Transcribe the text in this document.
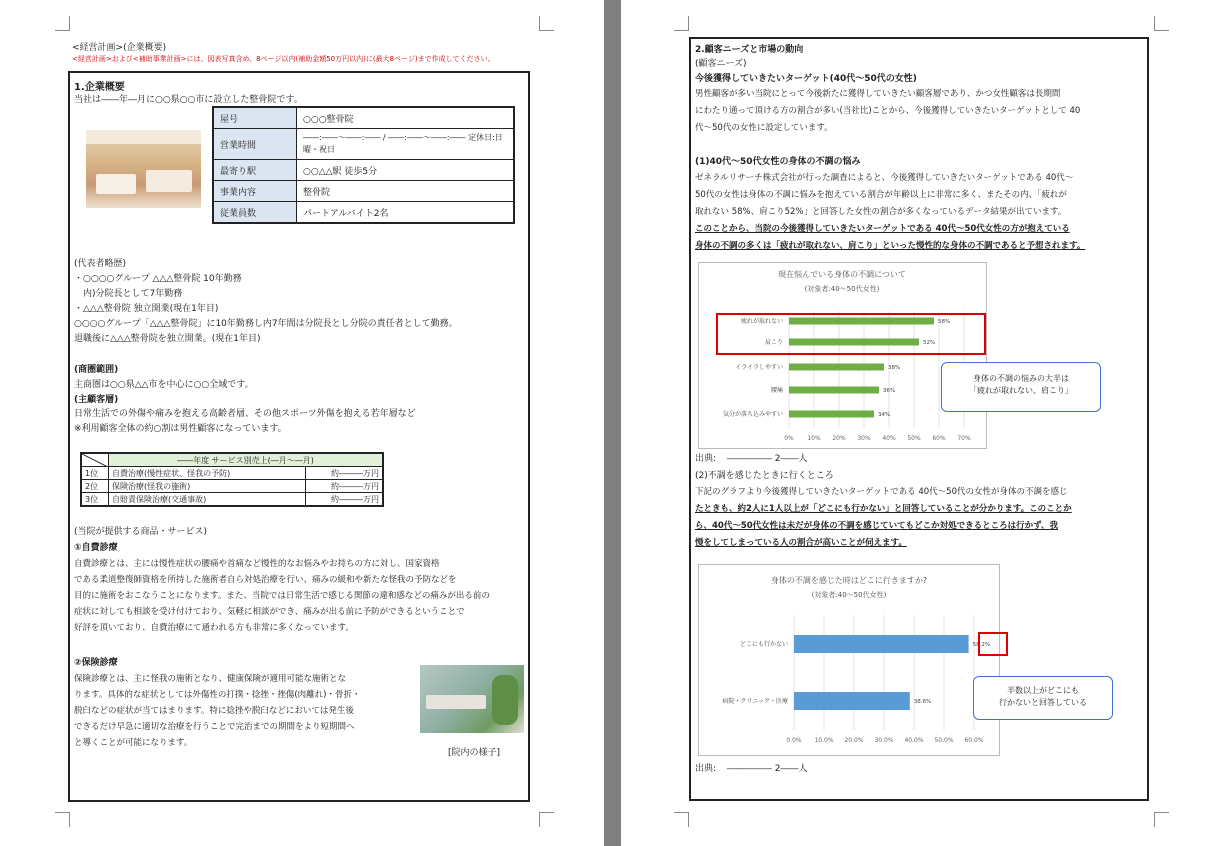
<経営計画>(企業概要)
<経営計画>および<補助事業計画>には、図表写真含め、8ページ以内(補助金額50万円以内)に(最大8ページ)まで作成してください。
1.企業概要
当社は――年―月に○○県○○市に設立した整骨院です。
屋号	○○○整骨院
営業時間	――:――～――:―― / ――:――～――:―― 定休日:日曜・祝日
最寄り駅	○○△△駅 徒歩5分
事業内容	整骨院
従業員数	パートアルバイト2名
(代表者略歴)
・○○○○グループ △△△整骨院 10年勤務
　内)分院長として7年勤務
・△△△整骨院 独立開業(現在1年目)
○○○○グループ「△△△整骨院」に10年勤務し内7年間は分院長とし分院の責任者として勤務。
退職後に△△△整骨院を独立開業。(現在1年目)
(商圏範囲)
主商圏は○○県△△市を中心に○○全域です。
(主顧客層)
日常生活での外傷や痛みを抱える高齢者層、その他スポーツ外傷を抱える若年層など
※利用顧客全体の約○割は男性顧客になっています。
	――年度 サービス別売上(―月～―月)	
1位	自費治療(慢性症状、怪我の予防)	約―――万円
2位	保険治療(怪我の施術)	約―――万円
3位	自賠責保険治療(交通事故)	約―――万円
(当院が提供する商品・サービス)
①自費診療
自費診療とは、主には慢性症状の腰痛や首痛など慢性的なお悩みやお持ちの方に対し、国家資格
である柔道整復師資格を所持した施術者自ら対処治療を行い、痛みの緩和や新たな怪我の予防などを
目的に施術をおこなうことになります。また、当院では日常生活で感じる関節の違和感などの痛みが出る前の
症状に対しても相談を受け付けており、気軽に相談ができ、痛みが出る前に予防ができるということで
好評を頂いており、自費治療にて通われる方も非常に多くなっています。
②保険診療
保険診療とは、主に怪我の施術となり、健康保険が適用可能な施術とな
ります。具体的な症状としては外傷性の打撲・捻挫・挫傷(肉離れ)・骨折・
脱臼などの症状が当てはまります。特に捻挫や脱臼などにおいては発生後
できるだけ早急に適切な治療を行うことで完治までの期間をより短期間へ
と導くことが可能になります。
[院内の様子]
2.顧客ニーズと市場の動向
(顧客ニーズ)
今後獲得していきたいターゲット(40代～50代の女性)
男性顧客が多い当院にとって今後新たに獲得していきたい顧客層であり、かつ女性顧客は長期間
にわたり通って頂ける方の割合が多い(当社比)ことから、今後獲得していきたいターゲットとして 40
代～50代の女性に設定しています。
(1)40代～50代女性の身体の不調の悩み
ゼネラルリサーチ株式会社が行った調査によると、今後獲得していきたいターゲットである 40代～
50代の女性は身体の不調に悩みを抱えている割合が年齢以上に非常に多く、またその内、「疲れが
取れない 58%、肩こり52%」と回答した女性の割合が多くなっているデータ結果が出ています。
このことから、当院の今後獲得していきたいターゲットである 40代～50代女性の方が抱えている
身体の不調の多くは「疲れが取れない、肩こり」といった慢性的な身体の不調であると予想されます。
現在悩んでいる身体の不調について
(対象者:40～50代女性)
疲れが取れない	58%
肩こり	52%
イライラしやすい	38%
腰痛	36%
気分が落ち込みやすい	34%
0% 10% 20% 30% 40% 50% 60% 70%
身体の不調の悩みの大半は
「疲れが取れない、肩こり」
出典: ――――― 2――人
(2)不調を感じたときに行くところ
下記のグラフより今後獲得していきたいターゲットである 40代～50代の女性が身体の不調を感じ
たときも、約2人に1人以上が「どこにも行かない」と回答していることが分かります。このことか
ら、40代～50代女性は未だが身体の不調を感じていてもどこか対処できるところは行かず、我
慢をしてしまっている人の割合が高いことが伺えます。
身体の不調を感じた時はどこに行きますか?
(対象者:40～50代女性)
どこにも行かない	58.2%
病院・クリニック・医療	38.6%
0.0% 10.0% 20.0% 30.0% 40.0% 50.0% 60.0%
半数以上がどこにも
行かないと回答している
出典: ――――― 2――人
